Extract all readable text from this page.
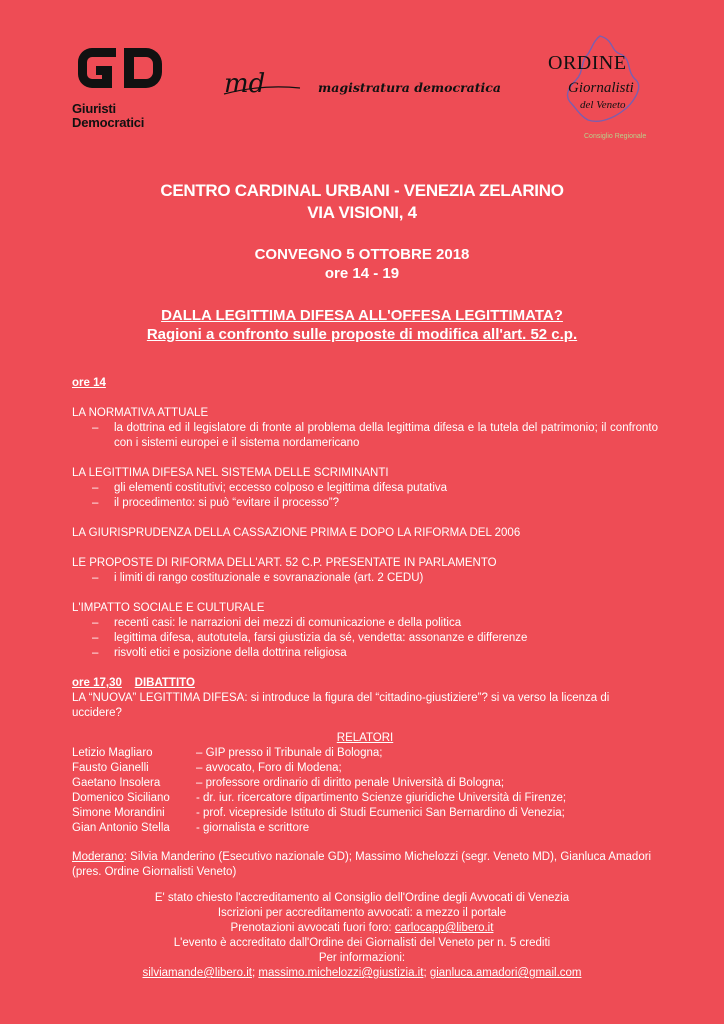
Giuristi
Democratici
md	magistratura democratica
ORDINE
Giornalisti
del Veneto
Consiglio Regionale
CENTRO CARDINAL URBANI - VENEZIA ZELARINO
VIA VISIONI, 4
CONVEGNO 5 OTTOBRE 2018
ore 14 - 19
DALLA LEGITTIMA DIFESA ALL'OFFESA LEGITTIMATA?
Ragioni a confronto sulle proposte di modifica all'art. 52 c.p.
ore 14
LA NORMATIVA ATTUALE
– la dottrina ed il legislatore di fronte al problema della legittima difesa e la tutela del patrimonio; il confronto con i sistemi europei e il sistema nordamericano
LA LEGITTIMA DIFESA NEL SISTEMA DELLE SCRIMINANTI
– gli elementi costitutivi; eccesso colposo e legittima difesa putativa
– il procedimento: si può “evitare il processo”?
LA GIURISPRUDENZA DELLA CASSAZIONE PRIMA E DOPO LA RIFORMA DEL 2006
LE PROPOSTE DI RIFORMA DELL'ART. 52 C.P. PRESENTATE IN PARLAMENTO
– i limiti di rango costituzionale e sovranazionale (art. 2 CEDU)
L'IMPATTO SOCIALE E CULTURALE
– recenti casi: le narrazioni dei mezzi di comunicazione e della politica
– legittima difesa, autotutela, farsi giustizia da sé, vendetta: assonanze e differenze
– risvolti etici e posizione della dottrina religiosa
ore 17,30 DIBATTITO
LA “NUOVA” LEGITTIMA DIFESA: si introduce la figura del “cittadino-giustiziere”? si va verso la licenza di uccidere?
RELATORI
Letizio Magliaro	– GIP presso il Tribunale di Bologna;
Fausto Gianelli	– avvocato, Foro di Modena;
Gaetano Insolera	– professore ordinario di diritto penale Università di Bologna;
Domenico Siciliano	- dr. iur. ricercatore dipartimento Scienze giuridiche Università di Firenze;
Simone Morandini	- prof. vicepreside Istituto di Studi Ecumenici San Bernardino di Venezia;
Gian Antonio Stella	- giornalista e scrittore
Moderano: Silvia Manderino (Esecutivo nazionale GD); Massimo Michelozzi (segr. Veneto MD), Gianluca Amadori (pres. Ordine Giornalisti Veneto)
E' stato chiesto l'accreditamento al Consiglio dell'Ordine degli Avvocati di Venezia
Iscrizioni per accreditamento avvocati: a mezzo il portale
Prenotazioni avvocati fuori foro: carlocapp@libero.it
L'evento è accreditato dall'Ordine dei Giornalisti del Veneto per n. 5 crediti
Per informazioni:
silviamande@libero.it; massimo.michelozzi@giustizia.it; gianluca.amadori@gmail.com
